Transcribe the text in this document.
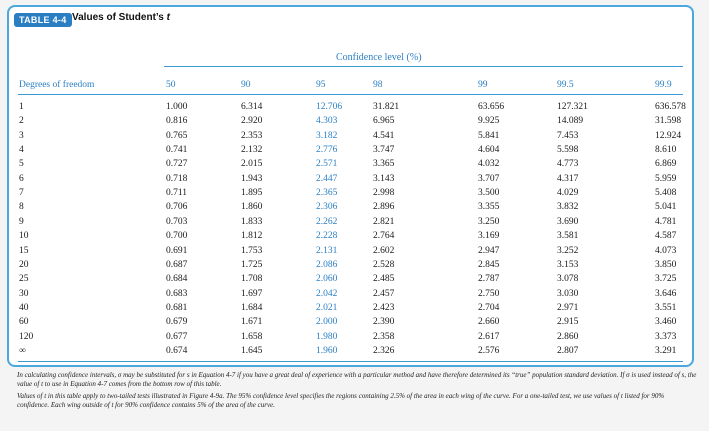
TABLE 4-4 Values of Student’s t
Confidence level (%)
Degrees of freedom	50	90	95	98	99	99.5	99.9
1	1.000	6.314	12.706	31.821	63.656	127.321	636.578
2	0.816	2.920	4.303	6.965	9.925	14.089	31.598
3	0.765	2.353	3.182	4.541	5.841	7.453	12.924
4	0.741	2.132	2.776	3.747	4.604	5.598	8.610
5	0.727	2.015	2.571	3.365	4.032	4.773	6.869
6	0.718	1.943	2.447	3.143	3.707	4.317	5.959
7	0.711	1.895	2.365	2.998	3.500	4.029	5.408
8	0.706	1.860	2.306	2.896	3.355	3.832	5.041
9	0.703	1.833	2.262	2.821	3.250	3.690	4.781
10	0.700	1.812	2.228	2.764	3.169	3.581	4.587
15	0.691	1.753	2.131	2.602	2.947	3.252	4.073
20	0.687	1.725	2.086	2.528	2.845	3.153	3.850
25	0.684	1.708	2.060	2.485	2.787	3.078	3.725
30	0.683	1.697	2.042	2.457	2.750	3.030	3.646
40	0.681	1.684	2.021	2.423	2.704	2.971	3.551
60	0.679	1.671	2.000	2.390	2.660	2.915	3.460
120	0.677	1.658	1.980	2.358	2.617	2.860	3.373
∞	0.674	1.645	1.960	2.326	2.576	2.807	3.291
In calculating confidence intervals, σ may be substituted for s in Equation 4-7 if you have a great deal of experience with a particular method and have therefore determined its “true” population standard deviation. If σ is used instead of s, the value of t to use in Equation 4-7 comes from the bottom row of this table.
Values of t in this table apply to two-tailed tests illustrated in Figure 4-9a. The 95% confidence level specifies the regions containing 2.5% of the area in each wing of the curve. For a one-tailed test, we use values of t listed for 90% confidence. Each wing outside of t for 90% confidence contains 5% of the area of the curve.
